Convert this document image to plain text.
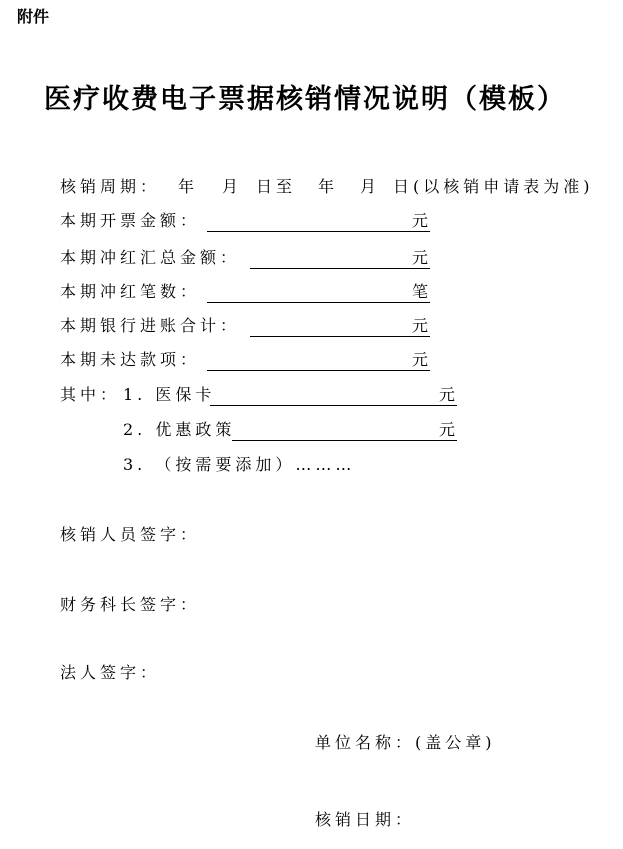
附件
医疗收费电子票据核销情况说明（模板）
核销周期： 年 月 日至 年 月 日(以核销申请表为准)
本期开票金额：	元
本期冲红汇总金额：	元
本期冲红笔数：	笔
本期银行进账合计：	元
本期未达款项：	元
其中： 1. 医保卡	元
2. 优惠政策	元
3. （按需要添加）………
核销人员签字：
财务科长签字：
法人签字：
单位名称：(盖公章)
核销日期：
